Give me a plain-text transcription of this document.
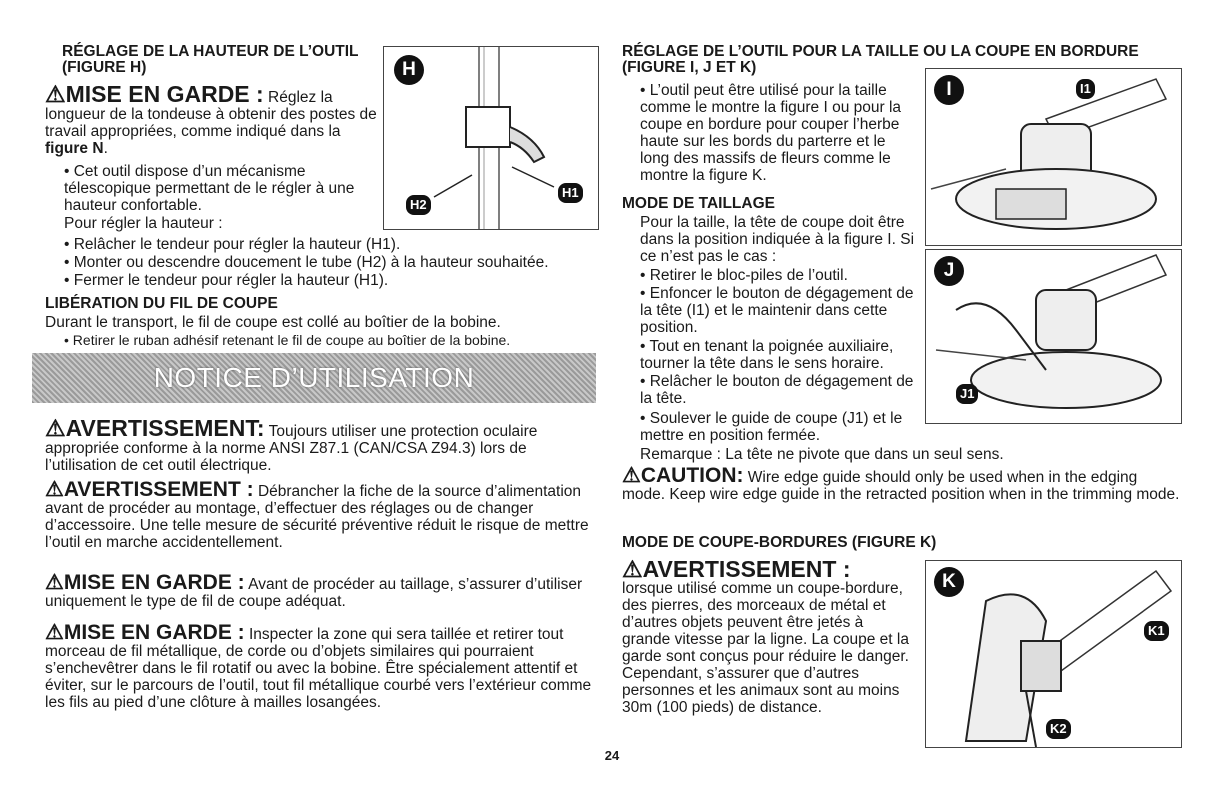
RÉGLAGE DE LA HAUTEUR DE L’OUTIL (FIGURE H)
⚠MISE EN GARDE : Réglez la longueur de la tondeuse à obtenir des postes de travail appropriées, comme indiqué dans la figure N.
• Cet outil dispose d’un mécanisme télescopique permettant de le régler à une hauteur confortable.
Pour régler la hauteur :
• Relâcher le tendeur pour régler la hauteur (H1).
• Monter ou descendre doucement le tube (H2) à la hauteur souhaitée.
• Fermer le tendeur pour régler la hauteur (H1).
LIBÉRATION DU FIL DE COUPE
Durant le transport, le fil de coupe est collé au boîtier de la bobine.
• Retirer le ruban adhésif retenant le fil de coupe au boîtier de la bobine.
H
H2
H1
NOTICE D’UTILISATION
⚠AVERTISSEMENT: Toujours utiliser une protection oculaire appropriée conforme à la norme ANSI Z87.1 (CAN/CSA Z94.3) lors de l’utilisation de cet outil électrique.
⚠AVERTISSEMENT : Débrancher la fiche de la source d’alimentation avant de procéder au montage, d’effectuer des réglages ou de changer d’accessoire. Une telle mesure de sécurité préventive réduit le risque de mettre l’outil en marche accidentellement.
⚠MISE EN GARDE : Avant de procéder au taillage, s’assurer d’utiliser uniquement le type de fil de coupe adéquat.
⚠MISE EN GARDE : Inspecter la zone qui sera taillée et retirer tout morceau de fil métallique, de corde ou d’objets similaires qui pourraient s’enchevêtrer dans le fil rotatif ou avec la bobine. Être spécialement attentif et éviter, sur le parcours de l’outil, tout fil métallique courbé vers l’extérieur comme les fils au pied d’une clôture à mailles losangées.
RÉGLAGE DE L’OUTIL POUR LA TAILLE OU LA COUPE EN BORDURE (FIGURE I, J ET K)
• L’outil peut être utilisé pour la taille comme le montre la figure I ou pour la coupe en bordure pour couper l’herbe haute sur les bords du parterre et le long des massifs de fleurs comme le montre la figure K.
MODE DE TAILLAGE
Pour la taille, la tête de coupe doit être dans la position indiquée à la figure I. Si ce n’est pas le cas :
• Retirer le bloc-piles de l’outil.
• Enfoncer le bouton de dégagement de la tête (I1) et le maintenir dans cette position.
• Tout en tenant la poignée auxiliaire, tourner la tête dans le sens horaire.
• Relâcher le bouton de dégagement de la tête.
• Soulever le guide de coupe (J1) et le mettre en position fermée.
Remarque : La tête ne pivote que dans un seul sens.
⚠CAUTION: Wire edge guide should only be used when in the edging mode. Keep wire edge guide in the retracted position when in the trimming mode.
MODE DE COUPE-BORDURES (FIGURE K)
⚠AVERTISSEMENT :
lorsque utilisé comme un coupe-bordure, des pierres, des morceaux de métal et d’autres objets peuvent être jetés à grande vitesse par la ligne. La coupe et la garde sont conçus pour réduire le danger. Cependant, s’assurer que d’autres personnes et les animaux sont au moins 30m (100 pieds) de distance.
I	I1
J
J1
K
K1
K2
24
